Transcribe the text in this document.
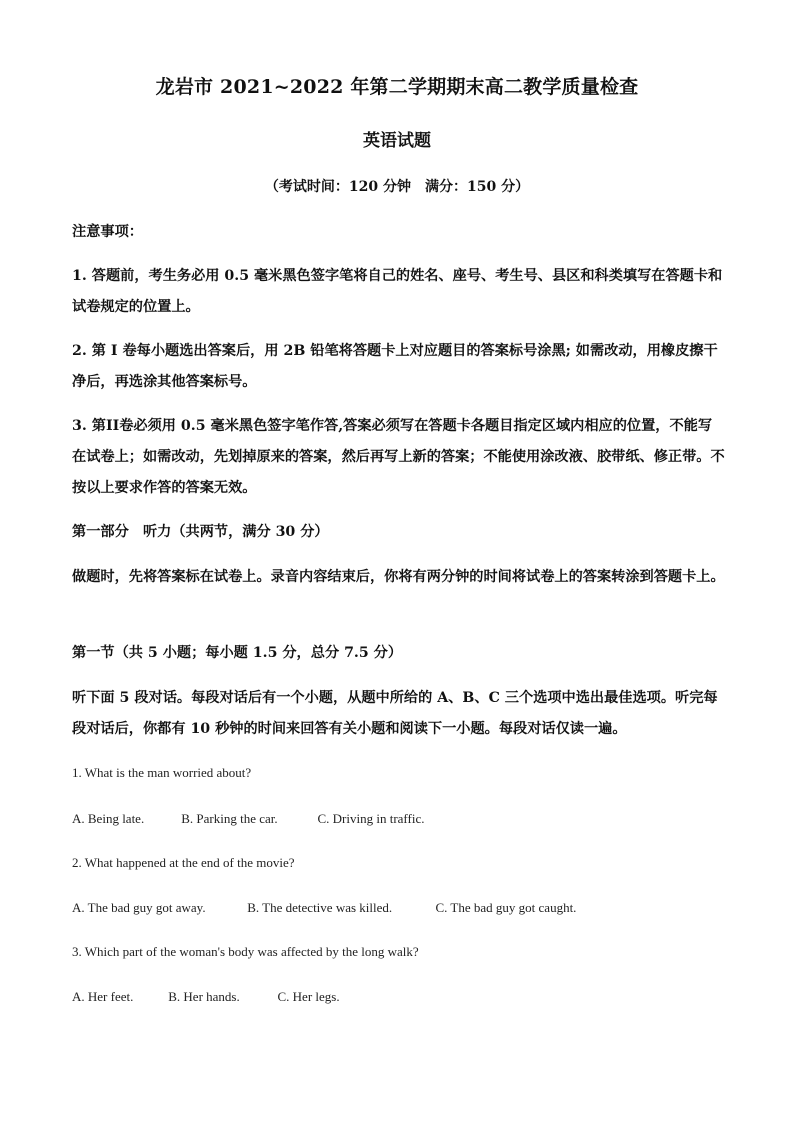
龙岩市 2021~2022 年第二学期期末高二教学质量检查
英语试题
（考试时间：120 分钟　满分：150 分）
注意事项：
1. 答题前，考生务必用 0.5 毫米黑色签字笔将自己的姓名、座号、考生号、县区和科类填写在答题卡和试卷规定的位置上。
2. 第 I 卷每小题选出答案后，用 2B 铅笔将答题卡上对应题目的答案标号涂黑; 如需改动，用橡皮擦干净后，再选涂其他答案标号。
3. 第II卷必须用 0.5 毫米黑色签字笔作答,答案必须写在答题卡各题目指定区域内相应的位置，不能写在试卷上；如需改动，先划掉原来的答案，然后再写上新的答案；不能使用涂改液、胶带纸、修正带。不按以上要求作答的答案无效。
第一部分　听力（共两节，满分 30 分）
做题时，先将答案标在试卷上。录音内容结束后，你将有两分钟的时间将试卷上的答案转涂到答题卡上。
第一节（共 5 小题；每小题 1.5 分，总分 7.5 分）
听下面 5 段对话。每段对话后有一个小题，从题中所给的 A、B、C 三个选项中选出最佳选项。听完每段对话后，你都有 10 秒钟的时间来回答有关小题和阅读下一小题。每段对话仅读一遍。
1. What is the man worried about?
A. Being late.	B. Parking the car.	C. Driving in traffic.
2. What happened at the end of the movie?
A. The bad guy got away.	B. The detective was killed.	C. The bad guy got caught.
3. Which part of the woman's body was affected by the long walk?
A. Her feet.	B. Her hands.	C. Her legs.
